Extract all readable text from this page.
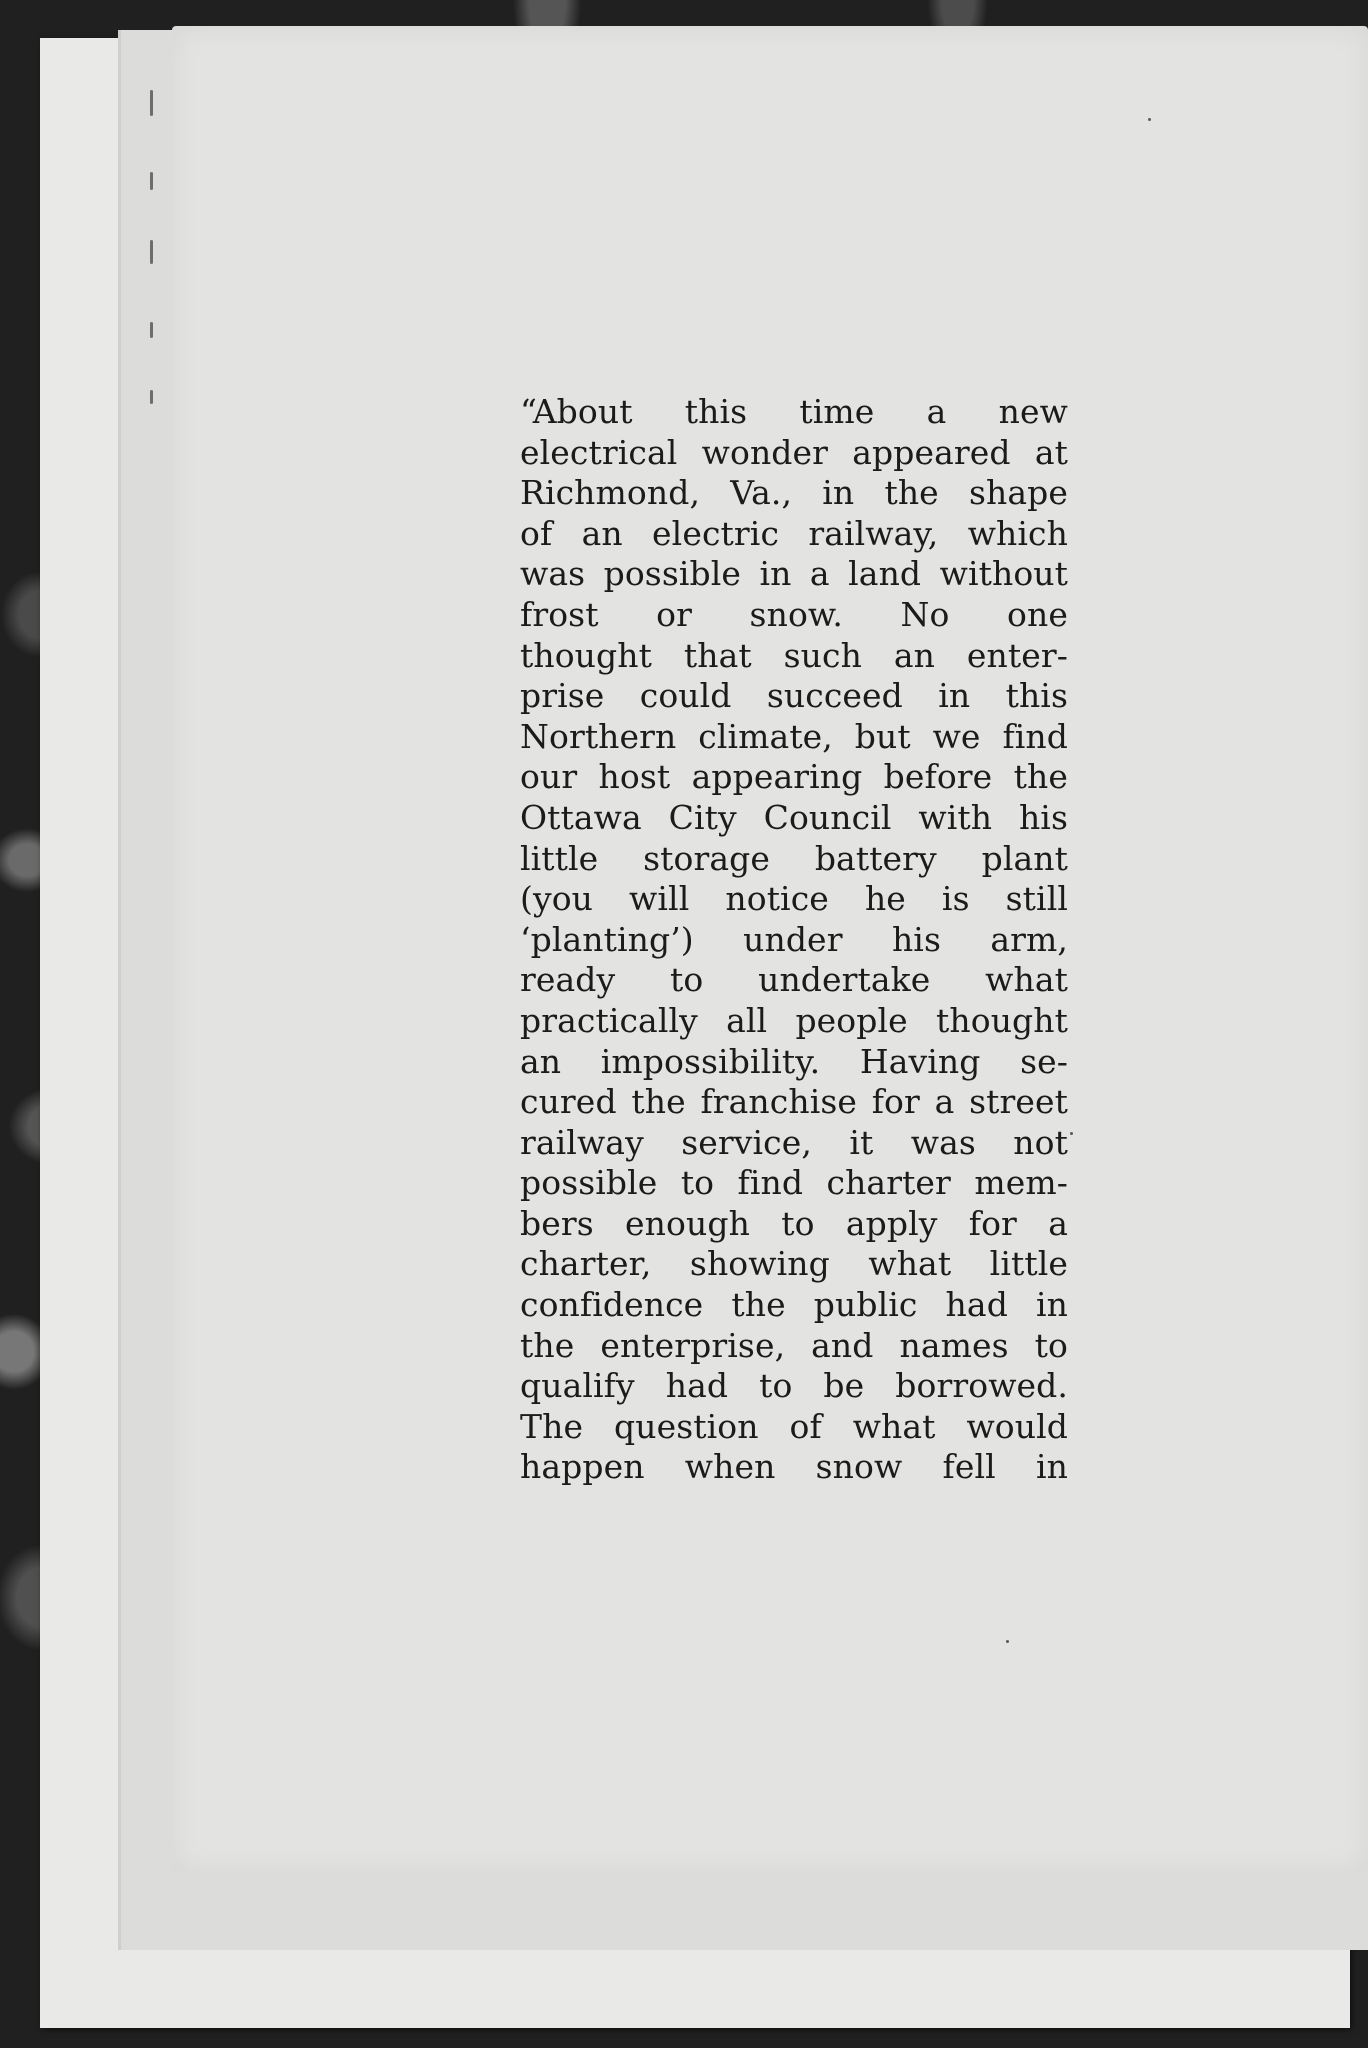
“About this time a new
electrical wonder appeared at
Richmond, Va., in the shape
of an electric railway, which
was possible in a land without
frost or snow. No one
thought that such an enter-
prise could succeed in this
Northern climate, but we find
our host appearing before the
Ottawa City Council with his
little storage battery plant
(you will notice he is still
‘planting’) under his arm,
ready to undertake what
practically all people thought
an impossibility. Having se-
cured the franchise for a street
railway service, it was not
possible to find charter mem-
bers enough to apply for a
charter, showing what little
confidence the public had in
the enterprise, and names to
qualify had to be borrowed.
The question of what would
happen when snow fell in
